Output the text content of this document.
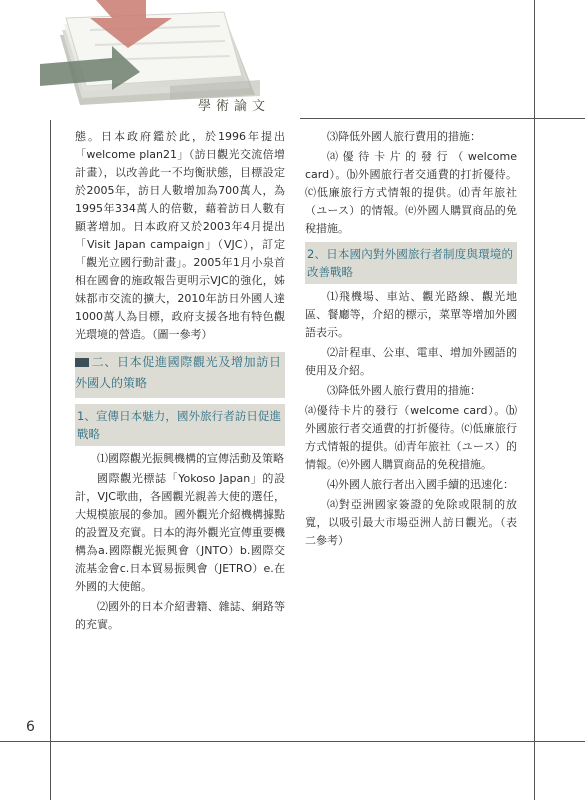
學術論文

態。日本政府鑑於此，於1996年提出「welcome plan21」（訪日觀光交流倍增計畫），以改善此一不均衡狀態，目標設定於2005年，訪日人數增加為700萬人，為1995年334萬人的倍數，藉着訪日人數有顯著增加。日本政府又於2003年4月提出「Visit Japan campaign」（VJC），訂定「觀光立國行動計畫」。2005年1月小泉首相在國會的施政報告更明示VJC的強化，姊妹都市交流的擴大，2010年訪日外國人達1000萬人為目標，政府支援各地有特色觀光環境的營造。（圖一參考）

二、日本促進國際觀光及增加訪日外國人的策略

1、宣傳日本魅力，國外旅行者訪日促進戰略

⑴國際觀光振興機構的宣傳活動及策略

國際觀光標誌「Yokoso Japan」的設計，VJC歌曲，各國觀光親善大使的選任，大規模旅展的參加。國外觀光介紹機構據點的設置及充實。日本的海外觀光宣傳重要機構為a.國際觀光振興會（JNTO）b.國際交流基金會c.日本貿易振興會（JETRO）e.在外國的大使館。

⑵國外的日本介紹書籍、雜誌、網路等的充實。

⑶降低外國人旅行費用的措施：

⒜優待卡片的發行（welcome card）。⒝外國旅行者交通費的打折優待。⒞低廉旅行方式情報的提供。⒟青年旅社（ユース）的情報。⒠外國人購買商品的免稅措施。

2、日本國內對外國旅行者制度與環境的改善戰略

⑴飛機場、車站、觀光路線、觀光地區、餐廳等，介紹的標示，菜單等增加外國語表示。

⑵計程車、公車、電車、增加外國語的使用及介紹。

⑶降低外國人旅行費用的措施：

⒜優待卡片的發行（welcome card）。⒝外國旅行者交通費的打折優待。⒞低廉旅行方式情報的提供。⒟青年旅社（ユース）的情報。⒠外國人購買商品的免稅措施。

⑷外國人旅行者出入國手續的迅速化：

⒜對亞洲國家簽證的免除或限制的放寬，以吸引最大市場亞洲人訪日觀光。（表二參考）

6
